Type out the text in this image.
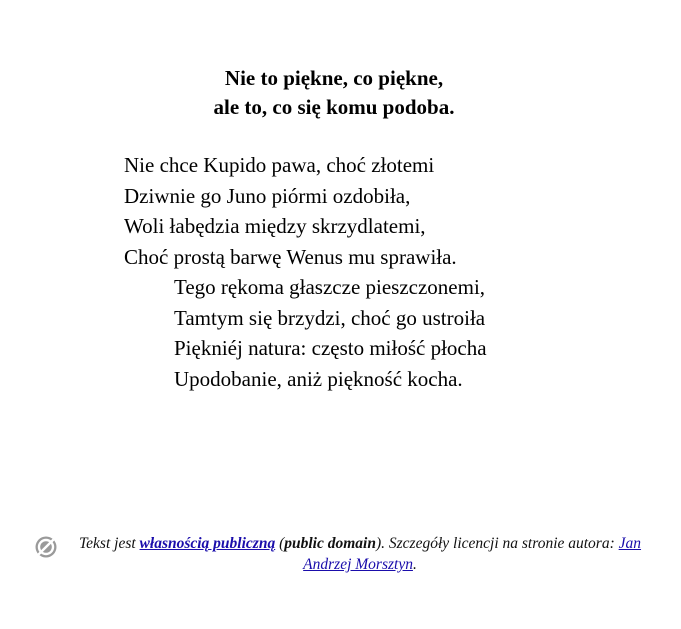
Nie to piękne, co piękne,
ale to, co się komu podoba.
Nie chce Kupido pawa, choć złotemi
Dziwnie go Juno piórmi ozdobiła,
Woli łabędzia między skrzydlatemi,
Choć prostą barwę Wenus mu sprawiła.
Tego rękoma głaszcze pieszczonemi,
Tamtym się brzydzi, choć go ustroiła
Piękniéj natura: często miłość płocha
Upodobanie, aniż piękność kocha.
Tekst jest własnością publiczną (public domain). Szczegóły licencji na stronie autora: Jan Andrzej Morsztyn.
